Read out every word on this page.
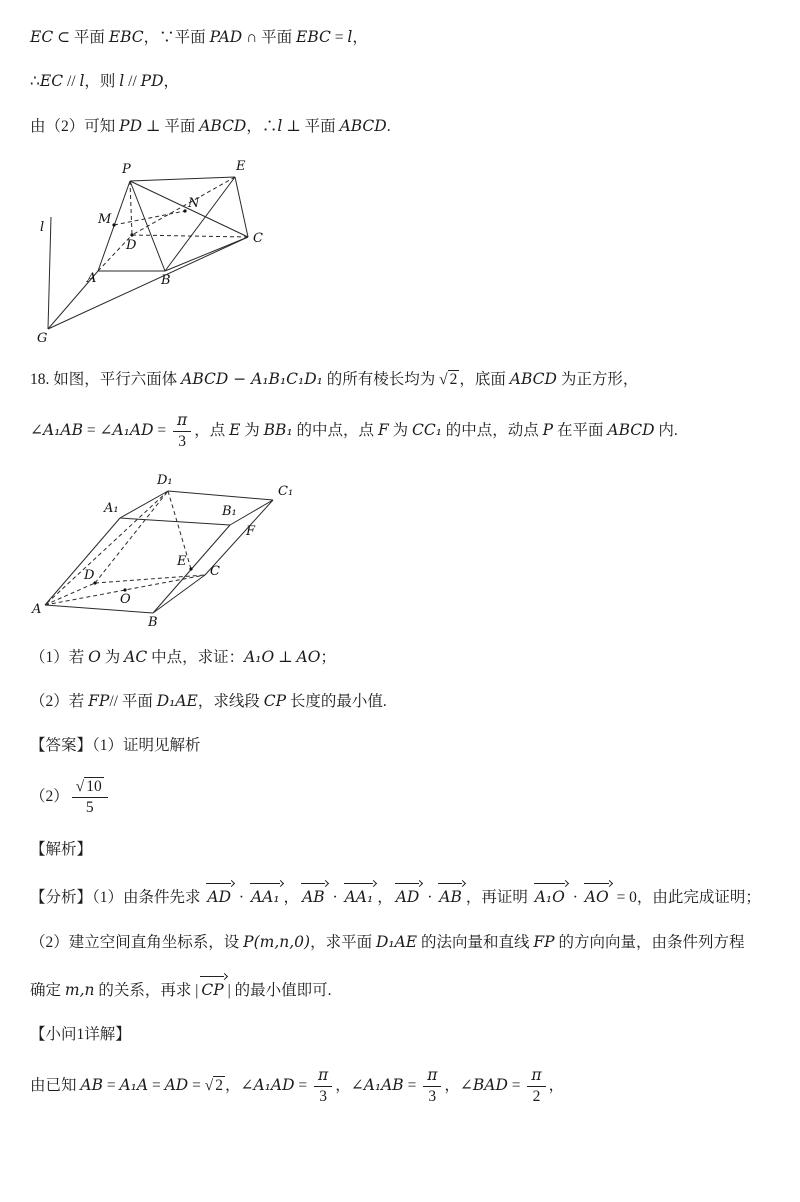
EC ⊂ 平面 EBC，∵平面 PAD ∩ 平面 EBC = l，
∴EC // l，则 l // PD，
由（2）可知 PD ⊥ 平面 ABCD，∴l ⊥ 平面 ABCD.
P	E
M
N
D	C
A	B
G
l
18. 如图，平行六面体 ABCD − A₁B₁C₁D₁ 的所有棱长均为 √ 2 ，底面 ABCD 为正方形，
∠A₁AB = ∠A₁AD = $\frac{\pi}{3}$ ，点 E 为 BB₁ 的中点，点 F 为 CC₁ 的中点，动点 P 在平面 ABCD 内.
D₁
A₁	B₁
C₁
F
E
C
D
O
A
B
（1）若 O 为 AC 中点，求证：A₁O ⊥ AO；
（2）若 FP// 平面 D₁AE，求线段 CP 长度的最小值.
【答案】（1）证明见解析
$(2) \frac{√ 10}{5}$
【解析】
【分析】（1）由条件先求 AD · AA₁ ， AB · AA₁ ， AD · AB ，再证明 A₁O · AO = 0，由此完成证明；
（2）建立空间直角坐标系，设 P(m,n,0)，求平面 D₁AE 的法向量和直线 FP 的方向向量，由条件列方程
确定 m,n 的关系，再求 | CP | 的最小值即可.
【小问1详解】
由已知 AB = A₁A = AD = √ 2 ，∠A₁AD = $\frac{\pi}{3}$ ，∠A₁AB = $\frac{\pi}{3}$ ，∠BAD = $\frac{\pi}{2}$ ，
